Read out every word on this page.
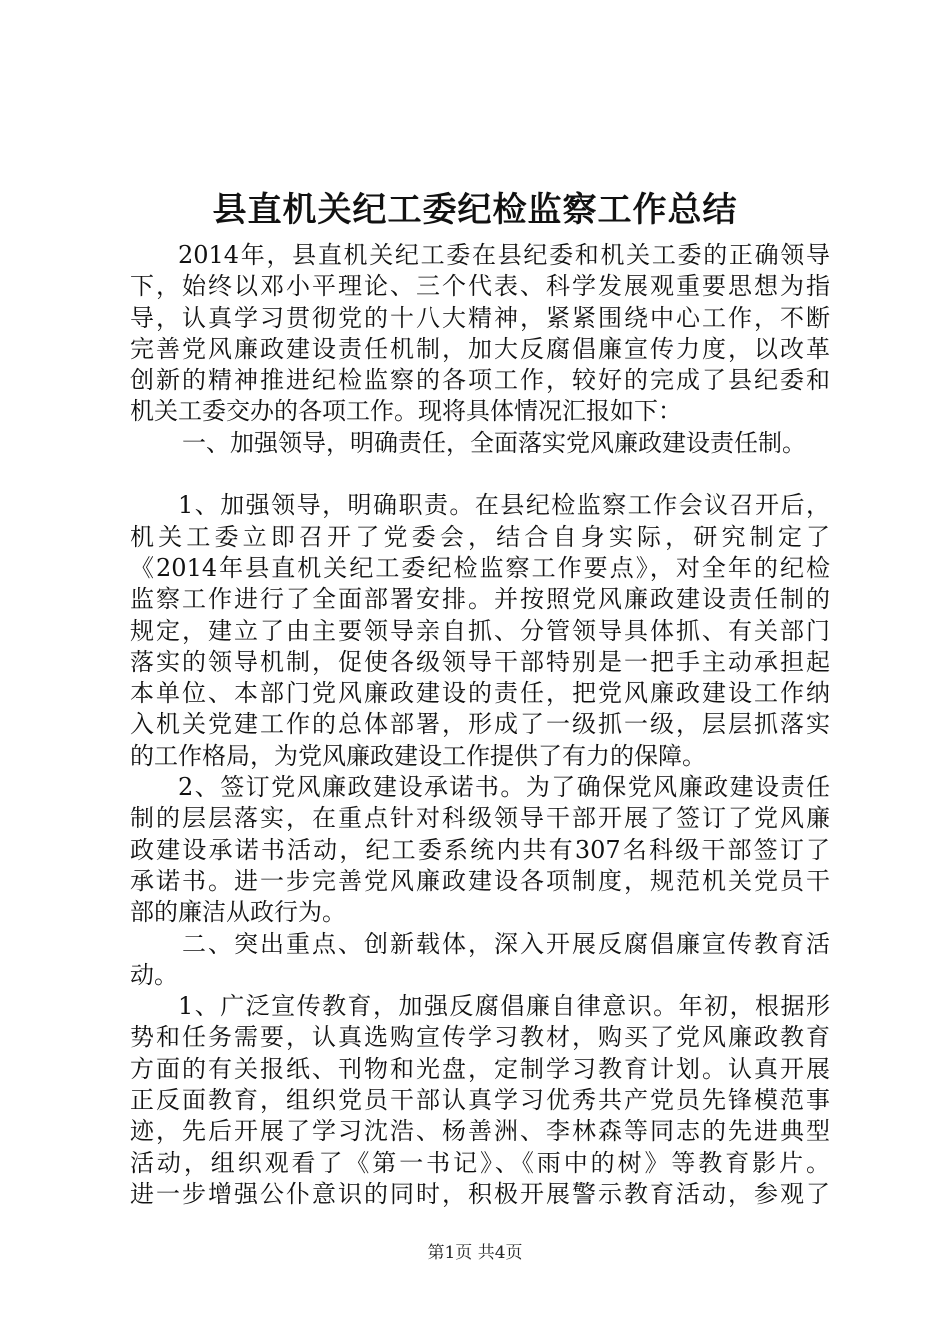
县直机关纪工委纪检监察工作总结
2014年，县直机关纪工委在县纪委和机关工委的正确领导
下，始终以邓小平理论、三个代表、科学发展观重要思想为指
导，认真学习贯彻党的十八大精神，紧紧围绕中心工作，不断
完善党风廉政建设责任机制，加大反腐倡廉宣传力度，以改革
创新的精神推进纪检监察的各项工作，较好的完成了县纪委和
机关工委交办的各项工作。现将具体情况汇报如下：
一、加强领导，明确责任，全面落实党风廉政建设责任制。
1、加强领导，明确职责。在县纪检监察工作会议召开后，
机关工委立即召开了党委会，结合自身实际，研究制定了
《2014年县直机关纪工委纪检监察工作要点》，对全年的纪检
监察工作进行了全面部署安排。并按照党风廉政建设责任制的
规定，建立了由主要领导亲自抓、分管领导具体抓、有关部门
落实的领导机制，促使各级领导干部特别是一把手主动承担起
本单位、本部门党风廉政建设的责任，把党风廉政建设工作纳
入机关党建工作的总体部署，形成了一级抓一级，层层抓落实
的工作格局，为党风廉政建设工作提供了有力的保障。
2、签订党风廉政建设承诺书。为了确保党风廉政建设责任
制的层层落实，在重点针对科级领导干部开展了签订了党风廉
政建设承诺书活动，纪工委系统内共有307名科级干部签订了
承诺书。进一步完善党风廉政建设各项制度，规范机关党员干
部的廉洁从政行为。
二、突出重点、创新载体，深入开展反腐倡廉宣传教育活
动。
1、广泛宣传教育，加强反腐倡廉自律意识。年初，根据形
势和任务需要，认真选购宣传学习教材，购买了党风廉政教育
方面的有关报纸、刊物和光盘，定制学习教育计划。认真开展
正反面教育，组织党员干部认真学习优秀共产党员先锋模范事
迹，先后开展了学习沈浩、杨善洲、李林森等同志的先进典型
活动，组织观看了《第一书记》、《雨中的树》等教育影片。
进一步增强公仆意识的同时，积极开展警示教育活动，参观了
第1页 共4页
